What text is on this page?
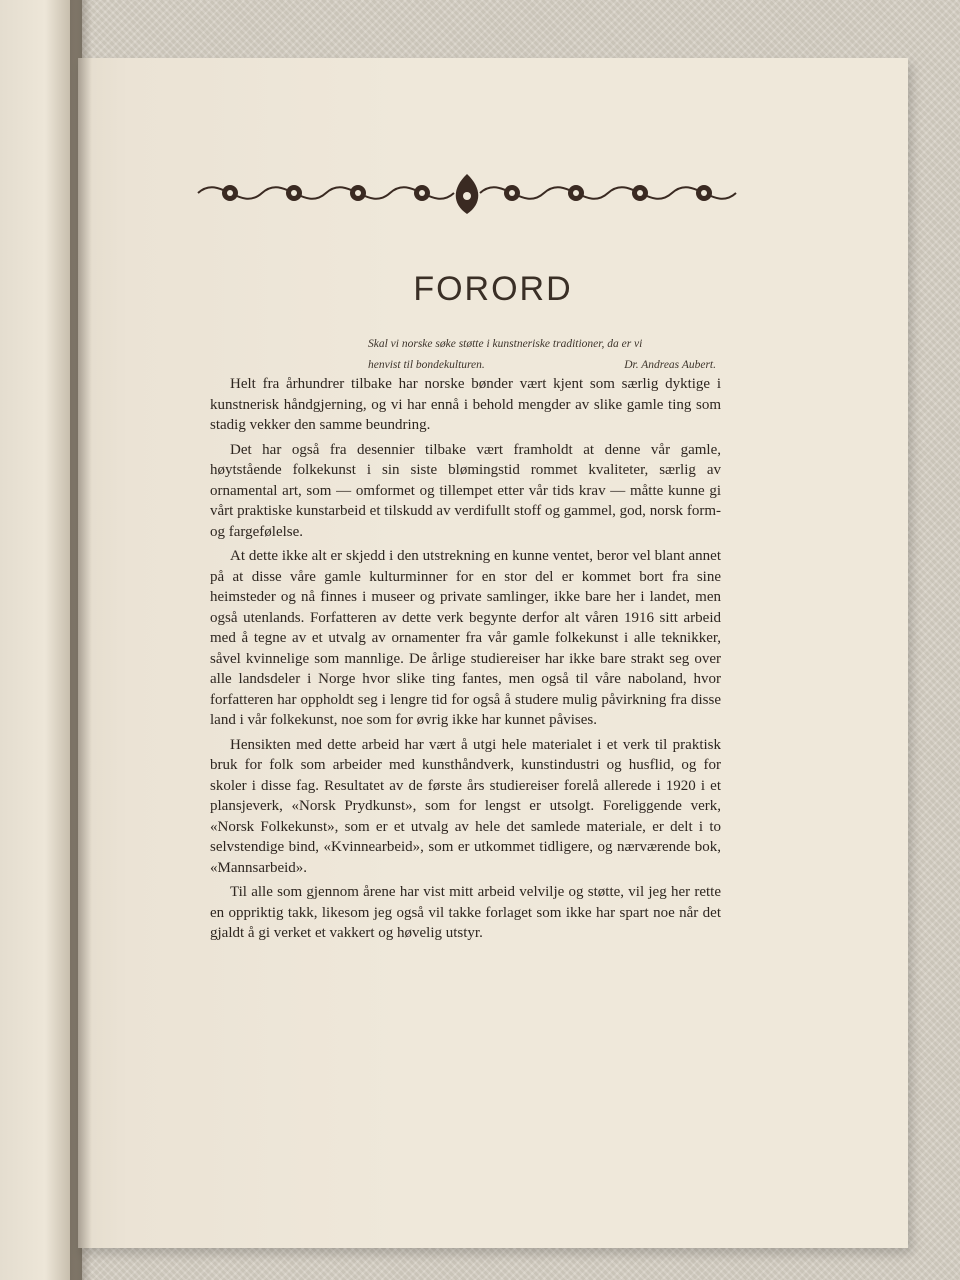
FORORD
Skal vi norske søke støtte i kunstneriske traditioner, da er vi
henvist til bondekulturen.	Dr. Andreas Aubert.

Helt fra århundrer tilbake har norske bønder vært kjent som særlig dyktige i kunstnerisk håndgjerning, og vi har ennå i behold mengder av slike gamle ting som stadig vekker den samme beundring.

Det har også fra desennier tilbake vært framholdt at denne vår gamle, høytstående folkekunst i sin siste blømingstid rommet kvaliteter, særlig av ornamental art, som — omformet og tillempet etter vår tids krav — måtte kunne gi vårt praktiske kunstarbeid et tilskudd av verdifullt stoff og gammel, god, norsk form- og fargefølelse.

At dette ikke alt er skjedd i den utstrekning en kunne ventet, beror vel blant annet på at disse våre gamle kulturminner for en stor del er kommet bort fra sine heimsteder og nå finnes i museer og private samlinger, ikke bare her i landet, men også utenlands. Forfatteren av dette verk begynte derfor alt våren 1916 sitt arbeid med å tegne av et utvalg av ornamenter fra vår gamle folkekunst i alle teknikker, såvel kvinnelige som mannlige. De årlige studiereiser har ikke bare strakt seg over alle landsdeler i Norge hvor slike ting fantes, men også til våre naboland, hvor forfatteren har oppholdt seg i lengre tid for også å studere mulig påvirkning fra disse land i vår folkekunst, noe som for øvrig ikke har kunnet påvises.

Hensikten med dette arbeid har vært å utgi hele materialet i et verk til praktisk bruk for folk som arbeider med kunsthåndverk, kunstindustri og husflid, og for skoler i disse fag. Resultatet av de første års studiereiser forelå allerede i 1920 i et plansjeverk, «Norsk Prydkunst», som for lengst er utsolgt. Foreliggende verk, «Norsk Folkekunst», som er et utvalg av hele det samlede materiale, er delt i to selvstendige bind, «Kvinnearbeid», som er utkommet tidligere, og nærværende bok, «Mannsarbeid».

Til alle som gjennom årene har vist mitt arbeid velvilje og støtte, vil jeg her rette en oppriktig takk, likesom jeg også vil takke forlaget som ikke har spart noe når det gjaldt å gi verket et vakkert og høvelig utstyr.
